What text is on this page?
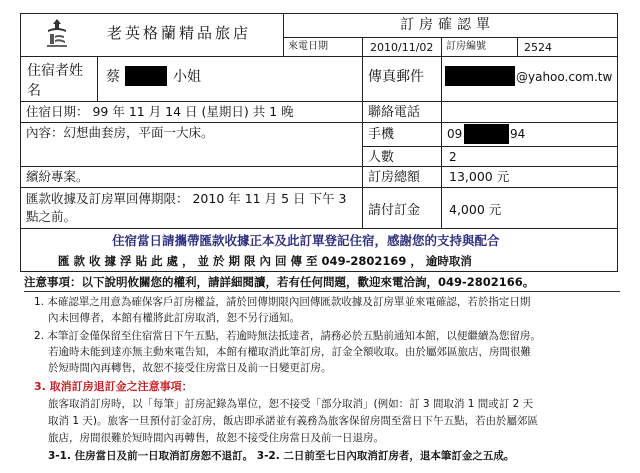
老英格蘭精品旅店	訂房確認單
來電日期	2010/11/02 訂房編號	2524
住宿者姓
名
蔡	小姐	傳真郵件	@yahoo.com.tw
住宿日期： 99 年 11 月 14 日 (星期日) 共 1 晚	聯絡電話
內容：幻想曲套房，平面一大床。	手機	09	94
人數	2
繽紛專案。	訂房總額 13,000 元
匯款收據及訂房單回傳期限： 2010 年 11 月 5 日 下午 3
點之前。	請付訂金 4,000 元
住宿當日請攜帶匯款收據正本及此訂單登記住宿，感謝您的支持與配合
匯 款 收 據 浮 貼 此 處 ， 並 於 期 限 內 回 傳 至 049-2802169 ， 逾時取消
注意事項：以下說明攸關您的權利，請詳細閱讀，若有任何問題，歡迎來電洽詢，049-2802166。
1. 本確認單之用意為確保客戶訂房權益，請於回傳期限內回傳匯款收據及訂房單並來電確認，若於指定日期
內未回傳者，本館有權將此訂房取消，恕不另行通知。
2. 本筆訂金僅保留至住宿當日下午五點，若逾時無法抵達者，請務必於五點前通知本館，以便繼續為您留房。
若逾時未能到達亦無主動來電告知，本館有權取消此筆訂房，訂金全額收取。由於屬郊區旅店，房間很難
於短時間內再轉售，故恕不接受住房當日及前一日變更訂房。
3. 取消訂房退訂金之注意事項：
旅客取消訂房時，以「每筆」訂房記錄為單位，恕不接受「部分取消」(例如：訂 3 間取消 1 間或訂 2 天
取消 1 天)。旅客一旦預付訂金訂房，飯店即承諾並有義務為旅客保留房間至當日下午五點，若由於屬郊區
旅店，房間很難於短時間內再轉售，故恕不接受住房當日及前一日退房。
3-1. 住房當日及前一日取消訂房恕不退訂。 3-2. 二日前至七日內取消訂房者，退本筆訂金之五成。
